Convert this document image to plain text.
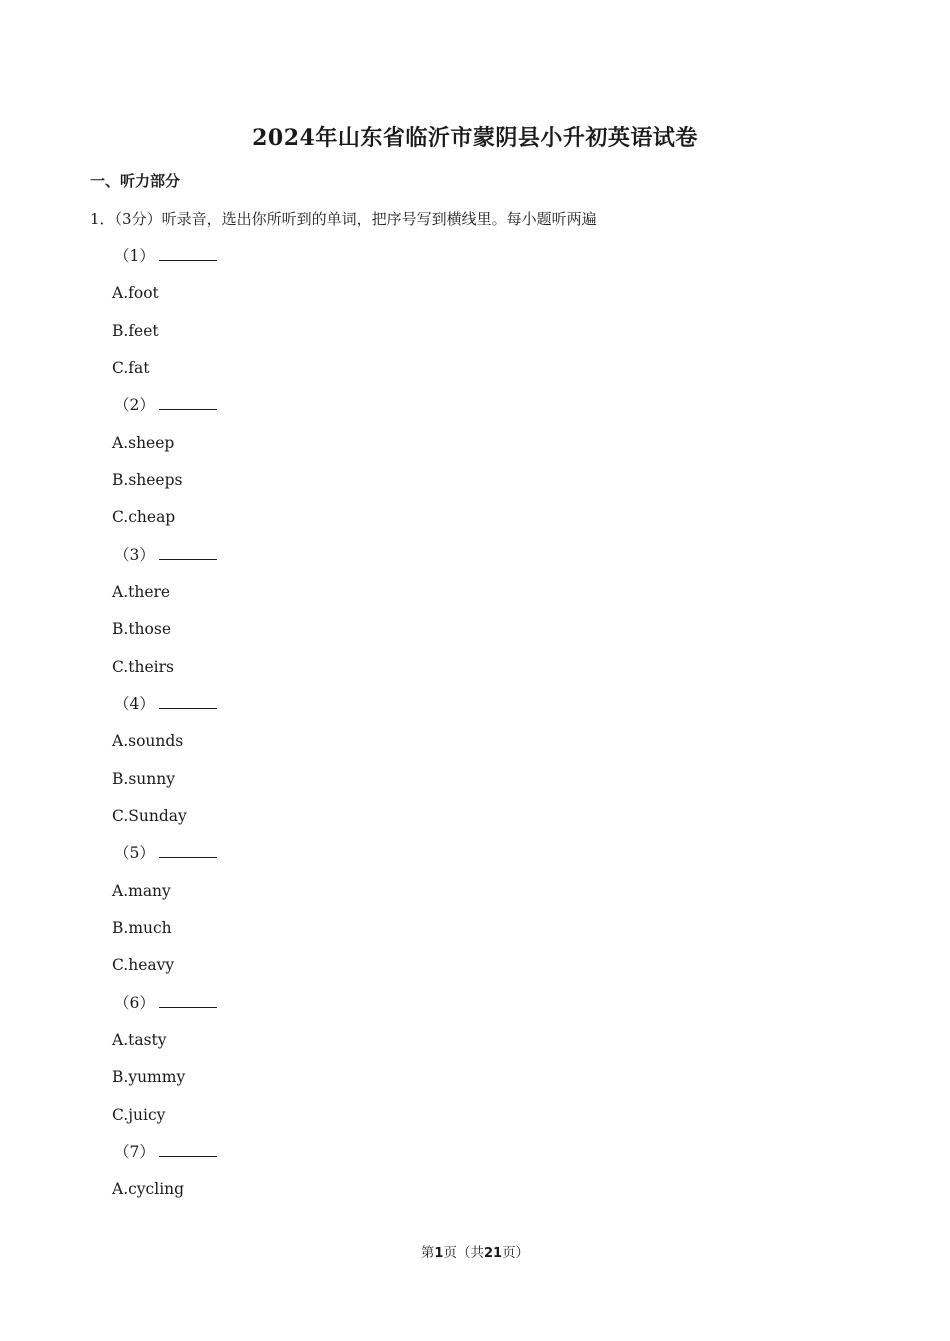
2024年山东省临沂市蒙阴县小升初英语试卷
一、听力部分
1．（3分）听录音，选出你所听到的单词，把序号写到横线里。每小题听两遍
（1）
A.foot
B.feet
C.fat
（2）
A.sheep
B.sheeps
C.cheap
（3）
A.there
B.those
C.theirs
（4）
A.sounds
B.sunny
C.Sunday
（5）
A.many
B.much
C.heavy
（6）
A.tasty
B.yummy
C.juicy
（7）
A.cycling
第1页（共21页）
